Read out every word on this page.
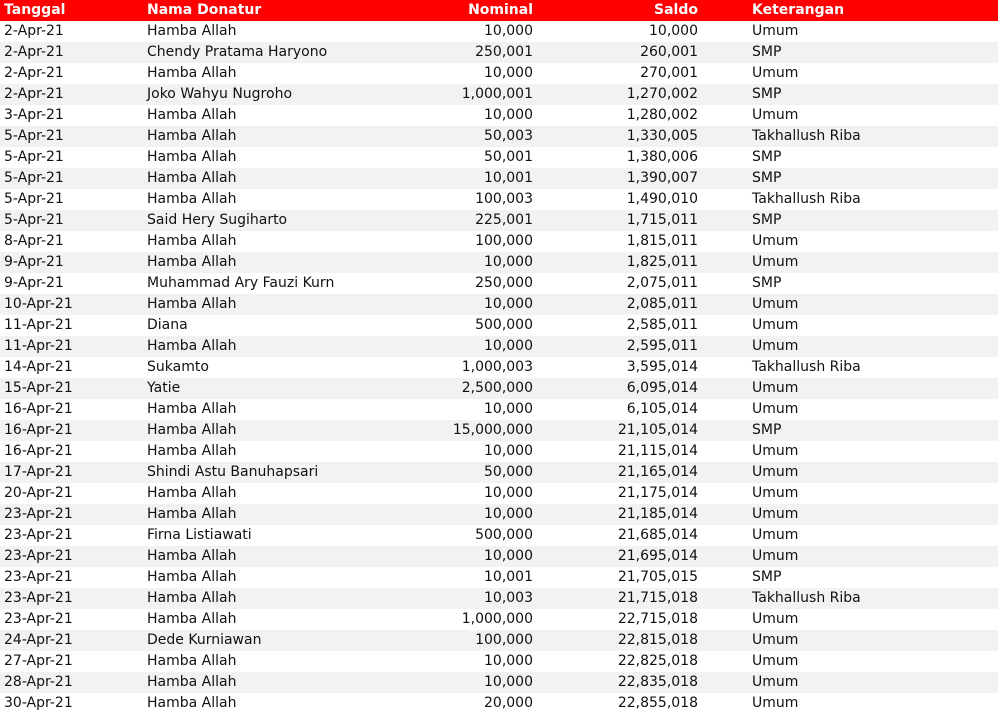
Tanggal	Nama Donatur	Nominal	Saldo	Keterangan
2-Apr-21	Hamba Allah	10,000	10,000	Umum
2-Apr-21	Chendy Pratama Haryono	250,001	260,001	SMP
2-Apr-21	Hamba Allah	10,000	270,001	Umum
2-Apr-21	Joko Wahyu Nugroho	1,000,001	1,270,002	SMP
3-Apr-21	Hamba Allah	10,000	1,280,002	Umum
5-Apr-21	Hamba Allah	50,003	1,330,005	Takhallush Riba
5-Apr-21	Hamba Allah	50,001	1,380,006	SMP
5-Apr-21	Hamba Allah	10,001	1,390,007	SMP
5-Apr-21	Hamba Allah	100,003	1,490,010	Takhallush Riba
5-Apr-21	Said Hery Sugiharto	225,001	1,715,011	SMP
8-Apr-21	Hamba Allah	100,000	1,815,011	Umum
9-Apr-21	Hamba Allah	10,000	1,825,011	Umum
9-Apr-21	Muhammad Ary Fauzi Kurn	250,000	2,075,011	SMP
10-Apr-21	Hamba Allah	10,000	2,085,011	Umum
11-Apr-21	Diana	500,000	2,585,011	Umum
11-Apr-21	Hamba Allah	10,000	2,595,011	Umum
14-Apr-21	Sukamto	1,000,003	3,595,014	Takhallush Riba
15-Apr-21	Yatie	2,500,000	6,095,014	Umum
16-Apr-21	Hamba Allah	10,000	6,105,014	Umum
16-Apr-21	Hamba Allah	15,000,000	21,105,014	SMP
16-Apr-21	Hamba Allah	10,000	21,115,014	Umum
17-Apr-21	Shindi Astu Banuhapsari	50,000	21,165,014	Umum
20-Apr-21	Hamba Allah	10,000	21,175,014	Umum
23-Apr-21	Hamba Allah	10,000	21,185,014	Umum
23-Apr-21	Firna Listiawati	500,000	21,685,014	Umum
23-Apr-21	Hamba Allah	10,000	21,695,014	Umum
23-Apr-21	Hamba Allah	10,001	21,705,015	SMP
23-Apr-21	Hamba Allah	10,003	21,715,018	Takhallush Riba
23-Apr-21	Hamba Allah	1,000,000	22,715,018	Umum
24-Apr-21	Dede Kurniawan	100,000	22,815,018	Umum
27-Apr-21	Hamba Allah	10,000	22,825,018	Umum
28-Apr-21	Hamba Allah	10,000	22,835,018	Umum
30-Apr-21	Hamba Allah	20,000	22,855,018	Umum
